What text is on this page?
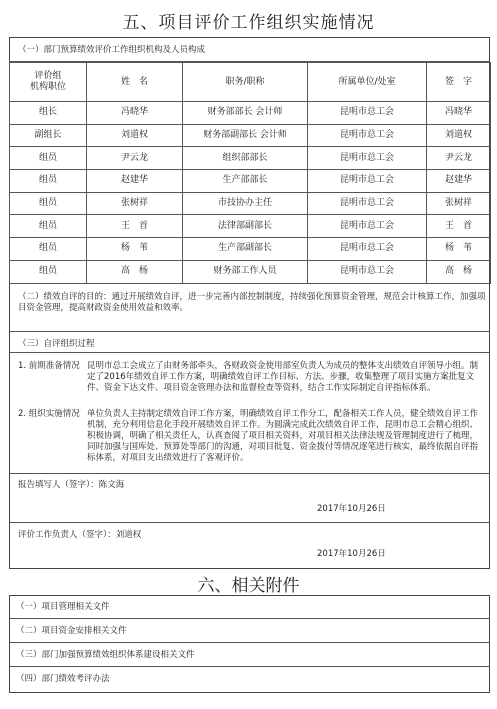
五、项目评价工作组织实施情况
（一）部门预算绩效评价工作组织机构及人员构成
评价组
机构职位	姓　名	职务/职称	所属单位/处室	签　字
组长	冯晓华	财务部部长 会计师	昆明市总工会	冯晓华
副组长	刘道权	财务部副部长 会计师	昆明市总工会	刘道权
组员	尹云龙	组织部部长	昆明市总工会	尹云龙
组员	赵建华	生产部部长	昆明市总工会	赵建华
组员	张树祥	市技协办主任	昆明市总工会	张树祥
组员	王　首	法律部副部长	昆明市总工会	王　首
组员	杨　苇	生产部副部长	昆明市总工会	杨　苇
组员	高　杨	财务部工作人员	昆明市总工会	高　杨
（二）绩效自评的目的：通过开展绩效自评，进一步完善内部控制制度，持续强化预算资金管理，规范会计核算工作，加强项目资金管理，提高财政资金使用效益和效率。
（三）自评组织过程
1. 前期准备情况 昆明市总工会成立了由财务部牵头，各财政资金使用部室负责人为成员的整体支出绩效自评领导小组。制定了2016年绩效自评工作方案，明确绩效自评工作目标、方法、步骤，收集整理了项目实施方案批复文件、资金下达文件、项目资金管理办法和监督检查等资料，结合工作实际制定自评指标体系。
2. 组织实施情况 单位负责人主持制定绩效自评工作方案，明确绩效自评工作分工，配备相关工作人员，健全绩效自评工作机制，充分利用信息化手段开展绩效自评工作。为圆满完成此次绩效自评工作，昆明市总工会精心组织、积极协调，明确了相关责任人，认真查阅了项目相关资料，对项目相关法律法规及管理制度进行了梳理，同时加强与国库处、预算处等部门的沟通，对项目批复、资金拨付等情况逐笔进行核实，最终依据自评指标体系，对项目支出绩效进行了客观评价。
报告填写人（签字）：陈文海
2017年10月26日
评价工作负责人（签字）：刘道权
2017年10月26日
六、相关附件
（一）项目管理相关文件
（二）项目资金安排相关文件
（三）部门加强预算绩效组织体系建设相关文件
（四）部门绩效考评办法
